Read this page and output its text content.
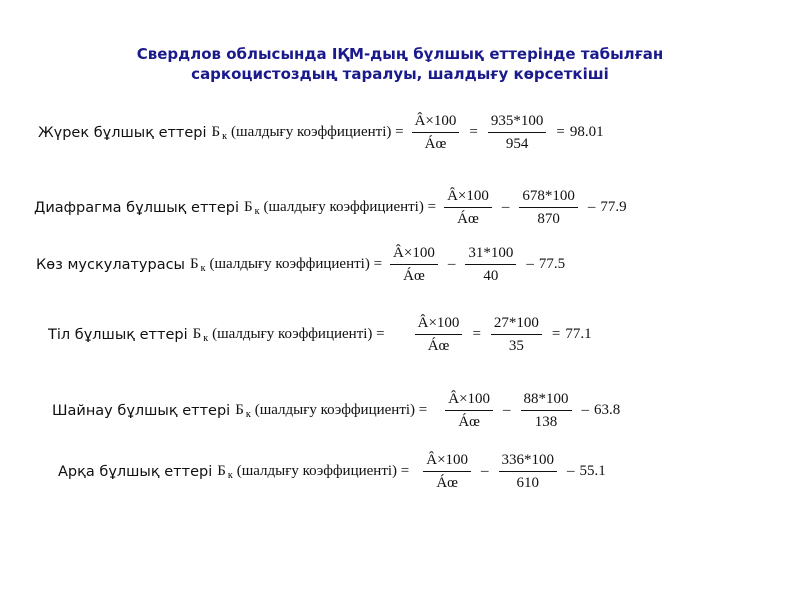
Свердлов облысында ІҚМ-дың бұлшық еттерінде табылған
саркоцистоздың таралуы, шалдығу көрсеткіші
Жүрек бұлшық еттері Б к (шалдығу коэффициенті) = $\frac{Â\times 100}{Áœ} = \frac{935*100}{954} = 98.01$
Диафрагма бұлшық еттері Б к (шалдығу коэффициенті) = $\frac{Â\times 100}{Áœ} - \frac{678*100}{870} - 77.9$
Көз мускулатурасы Б к (шалдығу коэффициенті) = $\frac{Â\times 100}{Áœ} - \frac{31*100}{40} - 77.5$
Тіл бұлшық еттері Б к (шалдығу коэффициенті) = $\frac{Â\times 100}{Áœ} = \frac{27*100}{35} = 77.1$
Шайнау бұлшық еттері Б к (шалдығу коэффициенті) = $\frac{Â\times 100}{Áœ} - \frac{88*100}{138} - 63.8$
Арқа бұлшық еттері Б к (шалдығу коэффициенті) = $\frac{Â\times 100}{Áœ} - \frac{336*100}{610} - 55.1$
